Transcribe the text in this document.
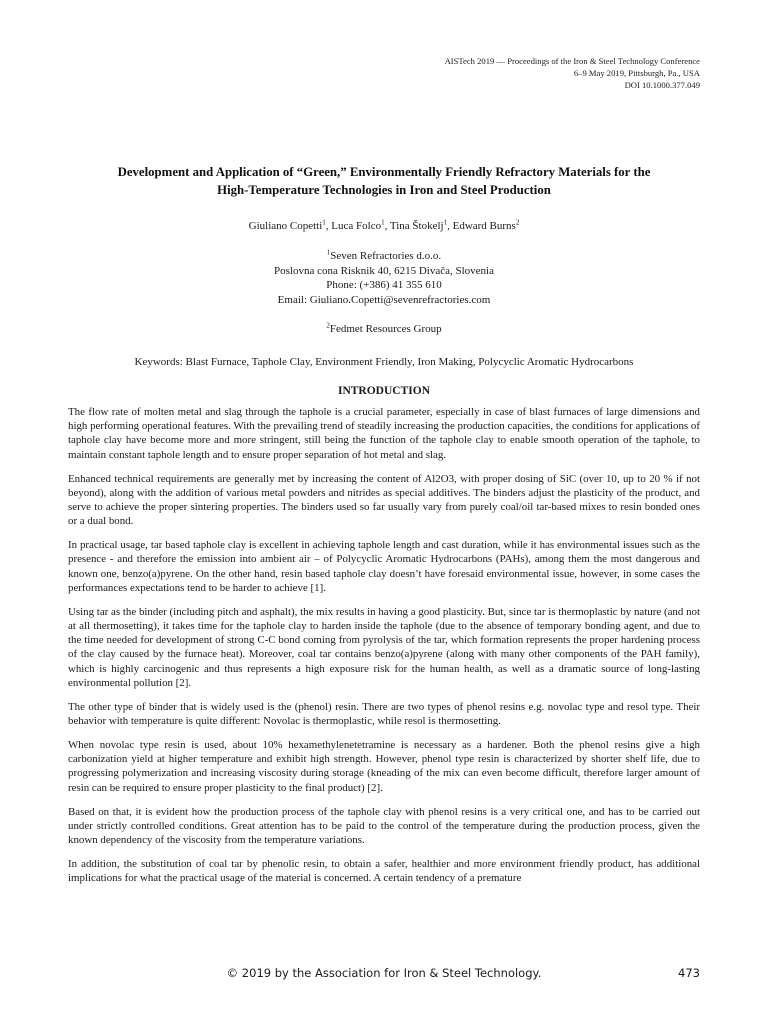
AISTech 2019 — Proceedings of the Iron & Steel Technology Conference
6–9 May 2019, Pittsburgh, Pa., USA
DOI 10.1000.377.049
Development and Application of “Green,” Environmentally Friendly Refractory Materials for the
High-Temperature Technologies in Iron and Steel Production
Giuliano Copetti$^1$, Luca Folco$^1$, Tina Štokelj$^1$, Edward Burns$^2$
$^1$Seven Refractories d.o.o.
Poslovna cona Risknik 40, 6215 Divača, Slovenia
Phone: (+386) 41 355 610
Email: Giuliano.Copetti@sevenrefractories.com
$^2$Fedmet Resources Group
Keywords: Blast Furnace, Taphole Clay, Environment Friendly, Iron Making, Polycyclic Aromatic Hydrocarbons
INTRODUCTION

The flow rate of molten metal and slag through the taphole is a crucial parameter, especially in case of blast furnaces of large dimensions and high performing operational features. With the prevailing trend of steadily increasing the production capacities, the conditions for applications of taphole clay have become more and more stringent, still being the function of the taphole clay to enable smooth operation of the taphole, to maintain constant taphole length and to ensure proper separation of hot metal and slag.

Enhanced technical requirements are generally met by increasing the content of Al2O3, with proper dosing of SiC (over 10, up to 20 % if not beyond), along with the addition of various metal powders and nitrides as special additives. The binders adjust the plasticity of the product, and serve to achieve the proper sintering properties. The binders used so far usually vary from purely coal/oil tar-based mixes to resin bonded ones or a dual bond.

In practical usage, tar based taphole clay is excellent in achieving taphole length and cast duration, while it has environmental issues such as the presence - and therefore the emission into ambient air – of Polycyclic Aromatic Hydrocarbons (PAHs), among them the most dangerous and known one, benzo(a)pyrene. On the other hand, resin based taphole clay doesn’t have foresaid environmental issue, however, in some cases the performances expectations tend to be harder to achieve [1].

Using tar as the binder (including pitch and asphalt), the mix results in having a good plasticity. But, since tar is thermoplastic by nature (and not at all thermosetting), it takes time for the taphole clay to harden inside the taphole (due to the absence of temporary bonding agent, and due to the time needed for development of strong C-C bond coming from pyrolysis of the tar, which formation represents the proper hardening process of the clay caused by the furnace heat). Moreover, coal tar contains benzo(a)pyrene (along with many other components of the PAH family), which is highly carcinogenic and thus represents a high exposure risk for the human health, as well as a dramatic source of long-lasting environmental pollution [2].

The other type of binder that is widely used is the (phenol) resin. There are two types of phenol resins e.g. novolac type and resol type. Their behavior with temperature is quite different: Novolac is thermoplastic, while resol is thermosetting.

When novolac type resin is used, about 10% hexamethylenetetramine is necessary as a hardener. Both the phenol resins give a high carbonization yield at higher temperature and exhibit high strength. However, phenol type resin is characterized by shorter shelf life, due to progressing polymerization and increasing viscosity during storage (kneading of the mix can even become difficult, therefore larger amount of resin can be required to ensure proper plasticity to the final product) [2].

Based on that, it is evident how the production process of the taphole clay with phenol resins is a very critical one, and has to be carried out under strictly controlled conditions. Great attention has to be paid to the control of the temperature during the production process, given the known dependency of the viscosity from the temperature variations.

In addition, the substitution of coal tar by phenolic resin, to obtain a safer, healthier and more environment friendly product, has additional implications for what the practical usage of the material is concerned. A certain tendency of a premature

© 2019 by the Association for Iron & Steel Technology.	473
